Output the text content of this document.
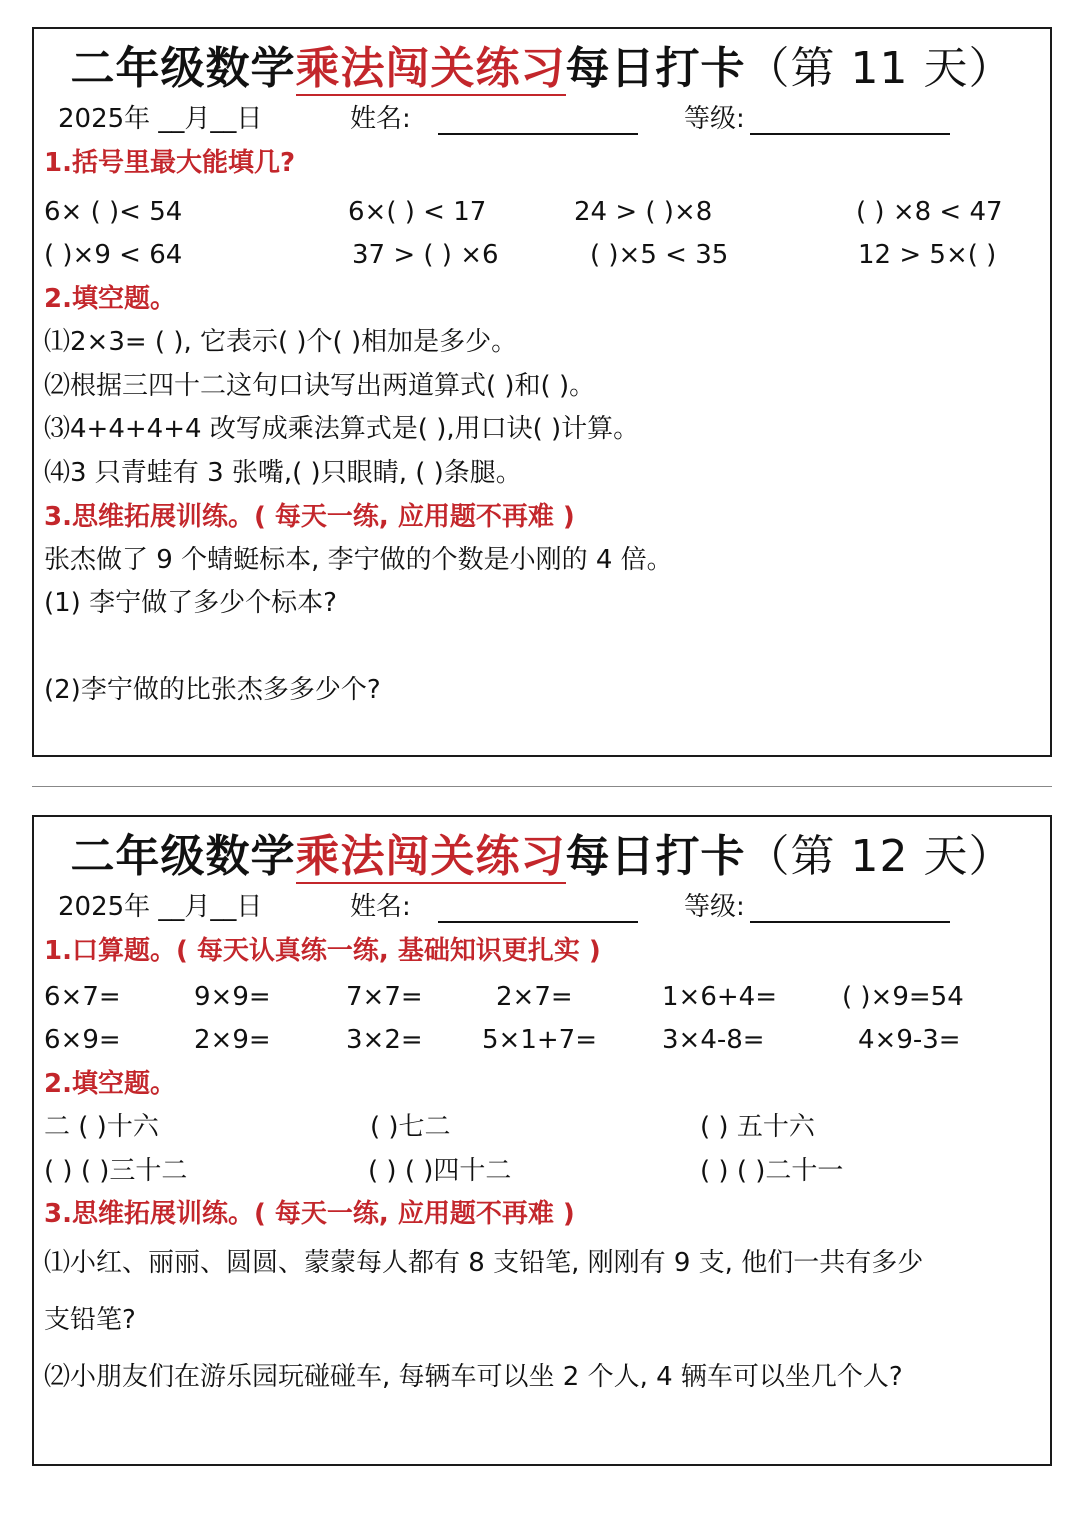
二年级数学乘法闯关练习每日打卡（第 11 天）
2025年 __月__日	姓名:	等级:
1.括号里最大能填几?
6× ( )< 54	6×( ) < 17	24 > ( )×8	( ) ×8 < 47
( )×9 < 64	37 > ( ) ×6	( )×5 < 35	12 > 5×( )
2.填空题。
⑴2×3= ( ), 它表示( )个( )相加是多少。
⑵根据三四十二这句口诀写出两道算式( )和( )。
⑶4+4+4+4 改写成乘法算式是( ),用口诀( )计算。
⑷3 只青蛙有 3 张嘴,( )只眼睛, ( )条腿。
3.思维拓展训练。( 每天一练, 应用题不再难 )
张杰做了 9 个蜻蜓标本, 李宁做的个数是小刚的 4 倍。
(1) 李宁做了多少个标本?
(2)李宁做的比张杰多多少个?
二年级数学乘法闯关练习每日打卡（第 12 天）
2025年 __月__日	姓名:	等级:
1.口算题。( 每天认真练一练, 基础知识更扎实 )
6×7=	9×9=	7×7=	2×7=	1×6+4=	( )×9=54
6×9=	2×9=	3×2= 5×1+7=	3×4-8=	4×9-3=
2.填空题。
二 ( )十六	( )七二	( ) 五十六
( ) ( )三十二	( ) ( )四十二	( ) ( )二十一
3.思维拓展训练。( 每天一练, 应用题不再难 )
⑴小红、丽丽、圆圆、蒙蒙每人都有 8 支铅笔, 刚刚有 9 支, 他们一共有多少
支铅笔?
⑵小朋友们在游乐园玩碰碰车, 每辆车可以坐 2 个人, 4 辆车可以坐几个人?
